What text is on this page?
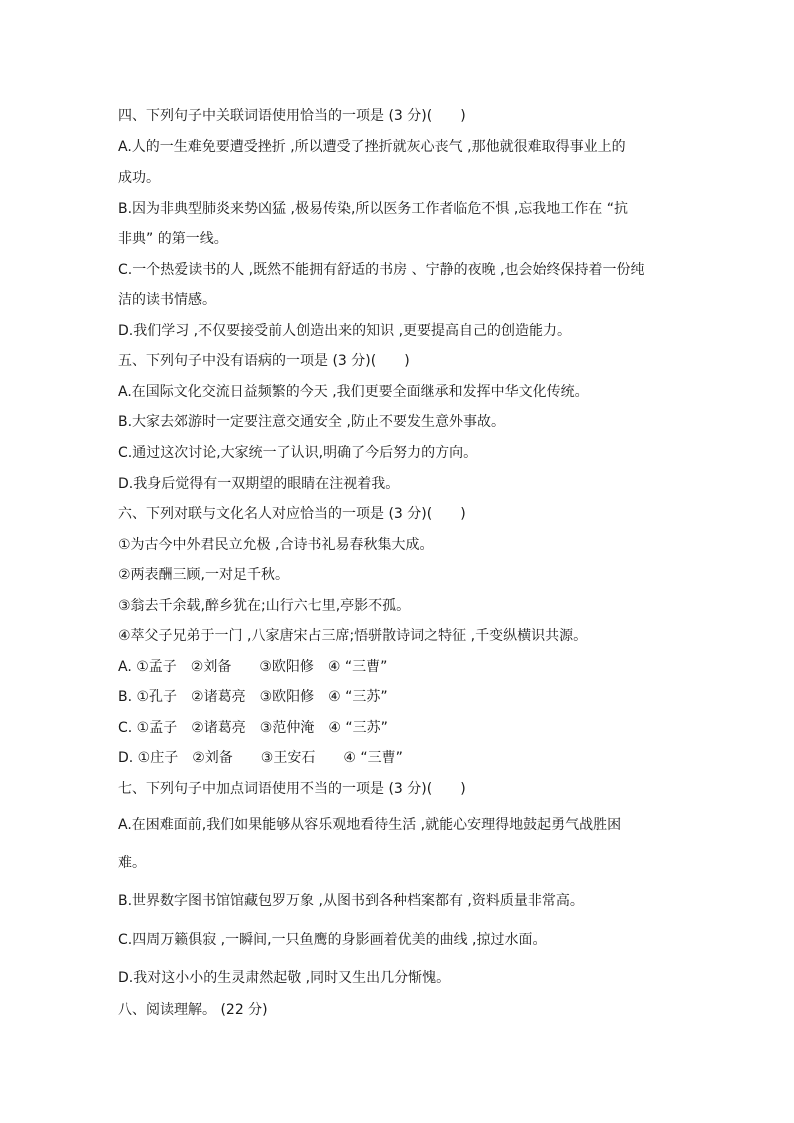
四、下列句子中关联词语使用恰当的一项是 (3 分)(　　)

A.人的一生难免要遭受挫折 ,所以遭受了挫折就灰心丧气 ,那他就很难取得事业上的

成功。

B.因为非典型肺炎来势凶猛 ,极易传染,所以医务工作者临危不惧 ,忘我地工作在 “抗

非典” 的第一线。

C.一个热爱读书的人 ,既然不能拥有舒适的书房 、宁静的夜晚 ,也会始终保持着一份纯

洁的读书情感。

D.我们学习 ,不仅要接受前人创造出来的知识 ,更要提高自己的创造能力。

五、下列句子中没有语病的一项是 (3 分)(　　)

A.在国际文化交流日益频繁的今天 ,我们更要全面继承和发挥中华文化传统。

B.大家去郊游时一定要注意交通安全 ,防止不要发生意外事故。

C.通过这次讨论,大家统一了认识,明确了今后努力的方向。

D.我身后觉得有一双期望的眼睛在注视着我。

六、下列对联与文化名人对应恰当的一项是 (3 分)(　　)

①为古今中外君民立允极 ,合诗书礼易春秋集大成。

②两表酬三顾,一对足千秋。

③翁去千余载,醉乡犹在;山行六七里,亭影不孤。

④萃父子兄弟于一门 ,八家唐宋占三席;悟骈散诗词之特征 ,千变纵横识共源。

A. ①孟子　②刘备　　③欧阳修　④ “三曹”

B. ①孔子　②诸葛亮　③欧阳修　④ “三苏”

C. ①孟子　②诸葛亮　③范仲淹　④ “三苏”

D. ①庄子　②刘备　　③王安石　　④ “三曹”

七、下列句子中加点词语使用不当的一项是 (3 分)(　　)

A.在困难面前,我们如果能够从容乐观地看待生活 ,就能心安理得地鼓起勇气战胜困

难。

B.世界数字图书馆馆藏包罗万象 ,从图书到各种档案都有 ,资料质量非常高。

C.四周万籁俱寂 ,一瞬间,一只鱼鹰的身影画着优美的曲线 ,掠过水面。

D.我对这小小的生灵肃然起敬 ,同时又生出几分惭愧。

八、阅读理解。 (22 分)
